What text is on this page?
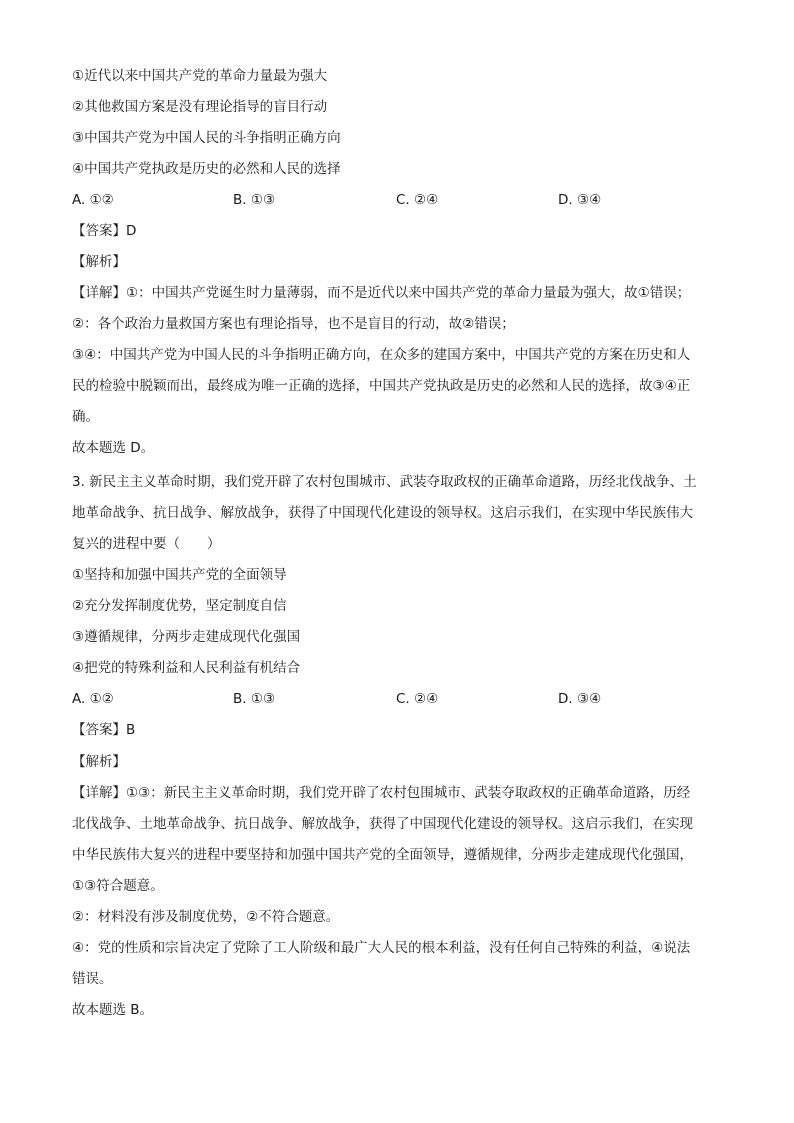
①近代以来中国共产党的革命力量最为强大
②其他救国方案是没有理论指导的盲目行动
③中国共产党为中国人民的斗争指明正确方向
④中国共产党执政是历史的必然和人民的选择
A. ①②	B. ①③	C. ②④	D. ③④
【答案】D
【解析】
【详解】①：中国共产党诞生时力量薄弱，而不是近代以来中国共产党的革命力量最为强大，故①错误；
②：各个政治力量救国方案也有理论指导，也不是盲目的行动，故②错误；
③④：中国共产党为中国人民的斗争指明正确方向，在众多的建国方案中，中国共产党的方案在历史和人
民的检验中脱颖而出，最终成为唯一正确的选择，中国共产党执政是历史的必然和人民的选择，故③④正
确。
故本题选 D。
3. 新民主主义革命时期，我们党开辟了农村包围城市、武装夺取政权的正确革命道路，历经北伐战争、土
地革命战争、抗日战争、解放战争，获得了中国现代化建设的领导权。这启示我们，在实现中华民族伟大
复兴的进程中要（　　）
①坚持和加强中国共产党的全面领导
②充分发挥制度优势，坚定制度自信
③遵循规律，分两步走建成现代化强国
④把党的特殊利益和人民利益有机结合
A. ①②	B. ①③	C. ②④	D. ③④
【答案】B
【解析】
【详解】①③：新民主主义革命时期，我们党开辟了农村包围城市、武装夺取政权的正确革命道路，历经
北伐战争、土地革命战争、抗日战争、解放战争，获得了中国现代化建设的领导权。这启示我们，在实现
中华民族伟大复兴的进程中要坚持和加强中国共产党的全面领导，遵循规律，分两步走建成现代化强国，
①③符合题意。
②：材料没有涉及制度优势，②不符合题意。
④：党的性质和宗旨决定了党除了工人阶级和最广大人民的根本利益，没有任何自己特殊的利益，④说法
错误。
故本题选 B。
